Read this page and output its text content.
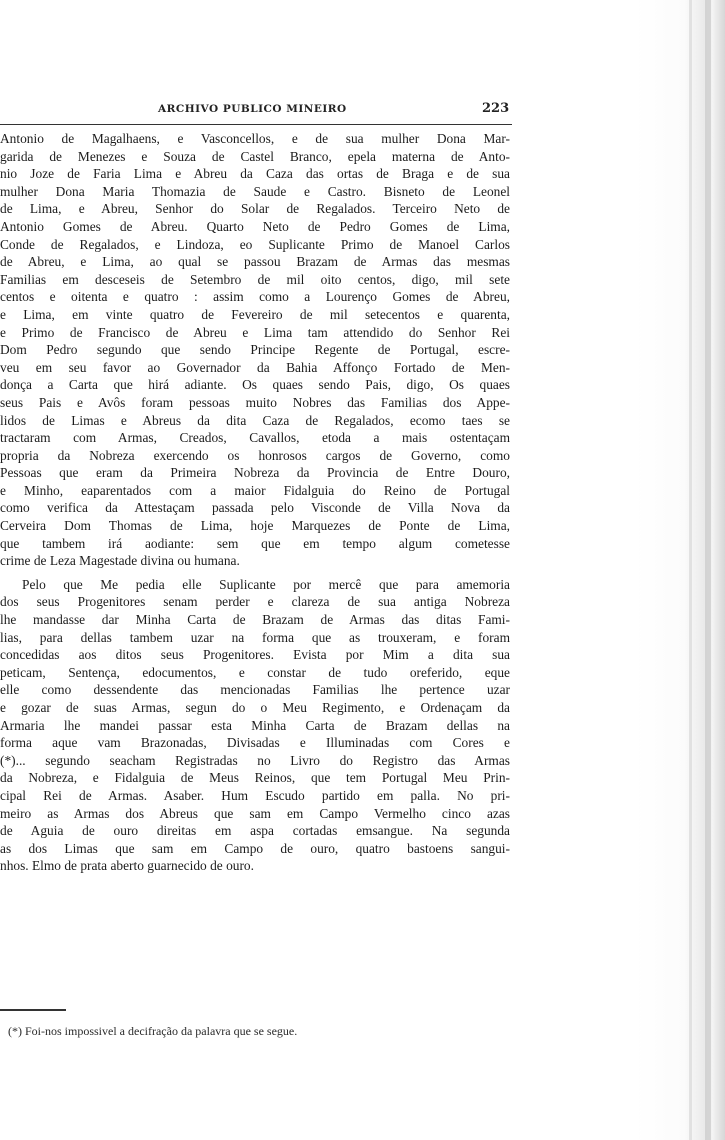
ARCHIVO PUBLICO MINEIRO	223
Antonio de Magalhaens, e Vasconcellos, e de sua mulher Dona Mar-
garida de Menezes e Souza de Castel Branco, epela materna de Anto-
nio Joze de Faria Lima e Abreu da Caza das ortas de Braga e de sua
mulher Dona Maria Thomazia de Saude e Castro. Bisneto de Leonel
de Lima, e Abreu, Senhor do Solar de Regalados. Terceiro Neto de
Antonio Gomes de Abreu. Quarto Neto de Pedro Gomes de Lima,
Conde de Regalados, e Lindoza, eo Suplicante Primo de Manoel Carlos
de Abreu, e Lima, ao qual se passou Brazam de Armas das mesmas
Familias em desceseis de Setembro de mil oito centos, digo, mil sete
centos e oitenta e quatro : assim como a Lourenço Gomes de Abreu,
e Lima, em vinte quatro de Fevereiro de mil setecentos e quarenta,
e Primo de Francisco de Abreu e Lima tam attendido do Senhor Rei
Dom Pedro segundo que sendo Principe Regente de Portugal, escre-
veu em seu favor ao Governador da Bahia Affonço Fortado de Men-
donça a Carta que hirá adiante. Os quaes sendo Pais, digo, Os quaes
seus Pais e Avôs foram pessoas muito Nobres das Familias dos Appe-
lidos de Limas e Abreus da dita Caza de Regalados, ecomo taes se
tractaram com Armas, Creados, Cavallos, etoda a mais ostentaçam
propria da Nobreza exercendo os honrosos cargos de Governo, como
Pessoas que eram da Primeira Nobreza da Provincia de Entre Douro,
e Minho, eaparentados com a maior Fidalguia do Reino de Portugal
como verifica da Attestaçam passada pelo Visconde de Villa Nova da
Cerveira Dom Thomas de Lima, hoje Marquezes de Ponte de Lima,
que tambem irá aodiante: sem que em tempo algum cometesse
crime de Leza Magestade divina ou humana.
Pelo que Me pedia elle Suplicante por mercê que para amemoria
dos seus Progenitores senam perder e clareza de sua antiga Nobreza
lhe mandasse dar Minha Carta de Brazam de Armas das ditas Fami-
lias, para dellas tambem uzar na forma que as trouxeram, e foram
concedidas aos ditos seus Progenitores. Evista por Mim a dita sua
peticam, Sentença, edocumentos, e constar de tudo oreferido, eque
elle como dessendente das mencionadas Familias lhe pertence uzar
e gozar de suas Armas, segun do o Meu Regimento, e Ordenaçam da
Armaria lhe mandei passar esta Minha Carta de Brazam dellas na
forma aque vam Brazonadas, Divisadas e Illuminadas com Cores e
(*)... segundo seacham Registradas no Livro do Registro das Armas
da Nobreza, e Fidalguia de Meus Reinos, que tem Portugal Meu Prin-
cipal Rei de Armas. Asaber. Hum Escudo partido em palla. No pri-
meiro as Armas dos Abreus que sam em Campo Vermelho cinco azas
de Aguia de ouro direitas em aspa cortadas emsangue. Na segunda
as dos Limas que sam em Campo de ouro, quatro bastoens sangui-
nhos. Elmo de prata aberto guarnecido de ouro.
(*) Foi-nos impossivel a decifração da palavra que se segue.
